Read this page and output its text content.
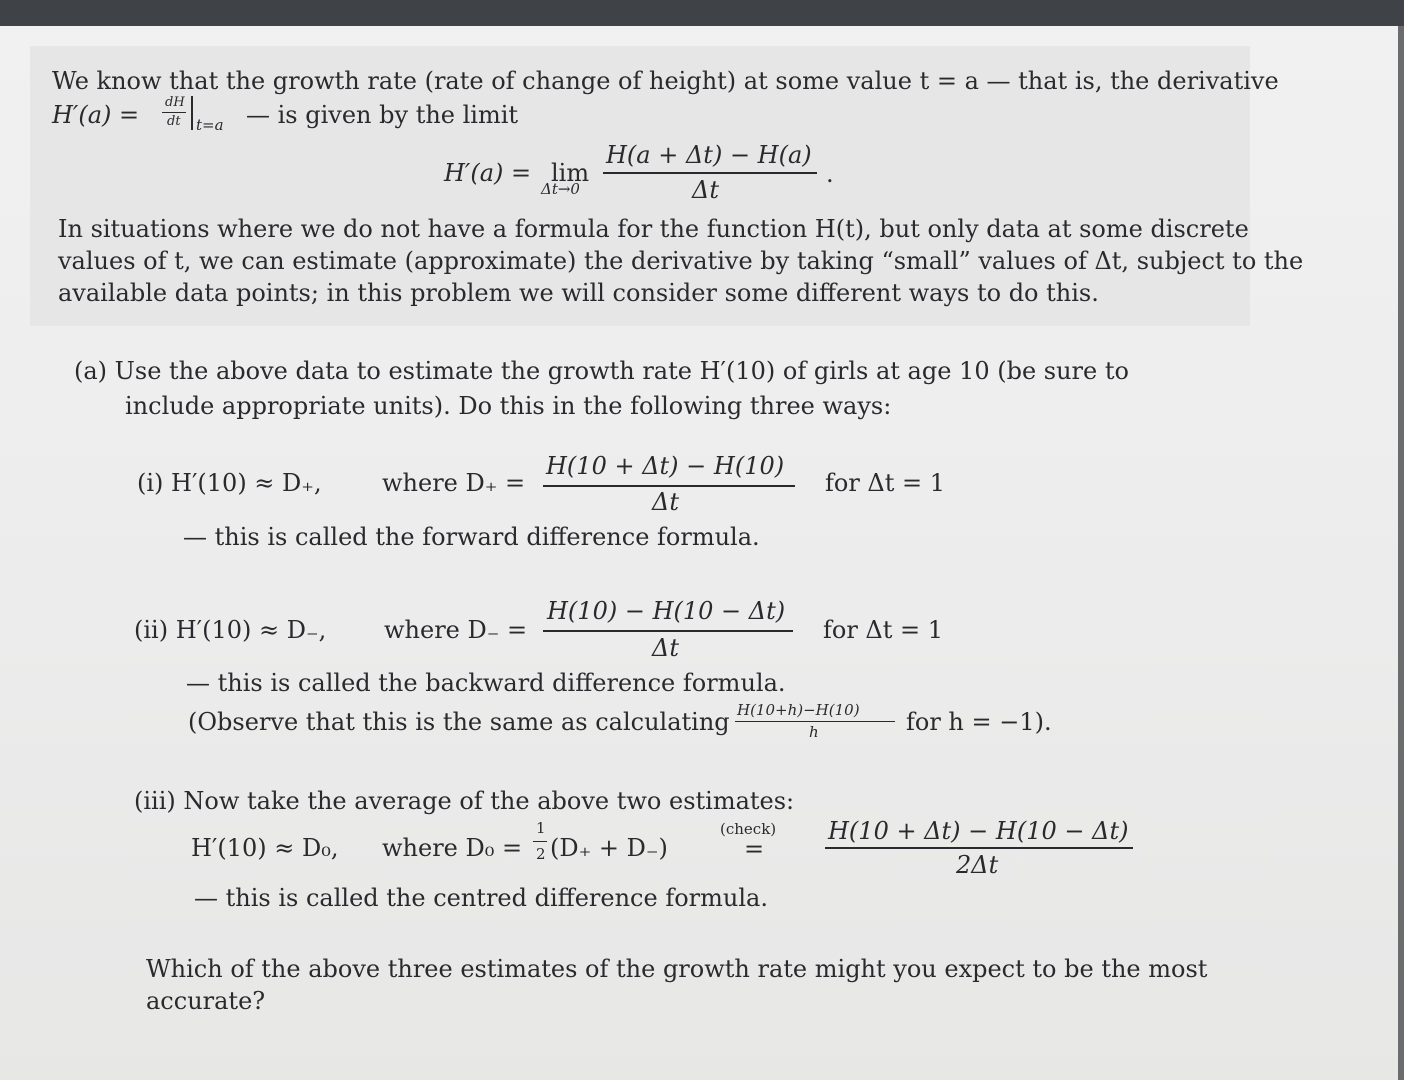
We know that the growth rate (rate of change of height) at some value t = a — that is, the derivative
H′(a) = dH
dt t=a — is given by the limit
H′(a) = lim
Δt→0
H(a + Δt) − H(a)
Δt
.
In situations where we do not have a formula for the function H(t), but only data at some discrete
values of t, we can estimate (approximate) the derivative by taking “small” values of Δt, subject to the
available data points; in this problem we will consider some different ways to do this.
(a) Use the above data to estimate the growth rate H′(10) of girls at age 10 (be sure to
include appropriate units). Do this in the following three ways:
(i) H′(10) ≈ D₊,	where D₊ =
H(10 + Δt) − H(10)
Δt
for Δt = 1
— this is called the forward difference formula.
(ii) H′(10) ≈ D₋, where D₋ =
H(10) − H(10 − Δt)
Δt
for Δt = 1
— this is called the backward difference formula.
(Observe that this is the same as calculating H(10+h)−H(10)
h	for h = −1).
(iii) Now take the average of the above two estimates:
H′(10) ≈ D₀, where D₀ =
1
2 (D₊ + D₋)
(check)
=
H(10 + Δt) − H(10 − Δt)
2Δt
— this is called the centred difference formula.
Which of the above three estimates of the growth rate might you expect to be the most
accurate?
